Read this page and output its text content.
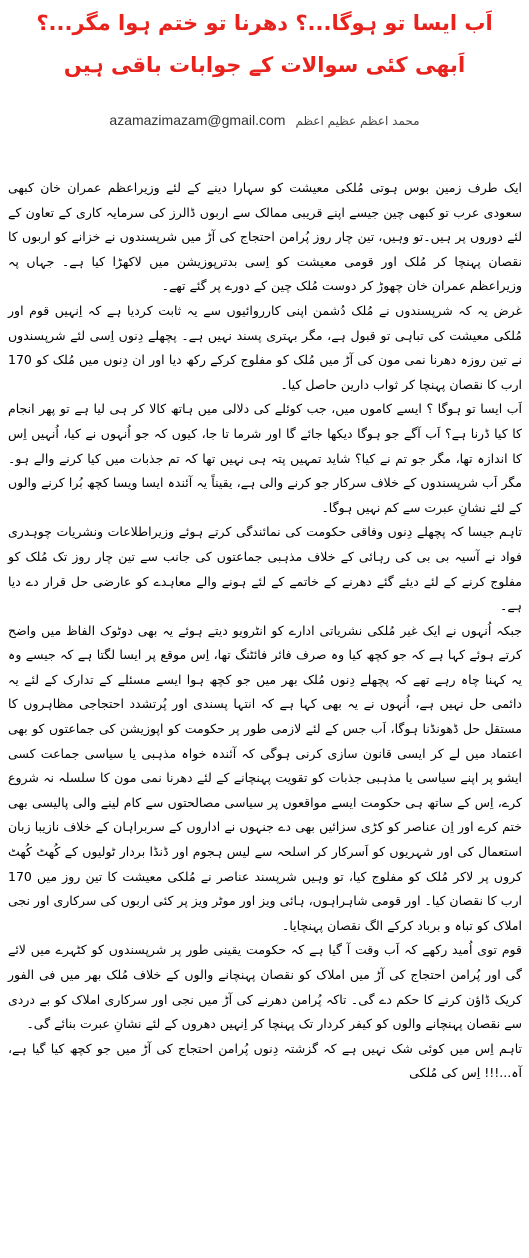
اَب ایسا تو ہوگا...؟ دھرنا تو ختم ہوا مگر...؟ اَبھی کئی سوالات کے جوابات باقی ہیں
محمد اعظم عظیم اعظم azamazimazam@gmail.com

ایک طرف زمین بوس ہوتی مُلکی معیشت کو سہارا دینے کے لئے وزیراعظم عمران خان کبھی سعودی عرب تو کبھی چین جیسے اپنے قریبی ممالک سے اربوں ڈالرز کی سرمایہ کاری کے تعاون کے لئے دوروں پر ہیں۔تو وہیں، تین چار روز پُرامن احتجاج کی آڑ میں شرپسندوں نے خزانے کو اربوں کا نقصان پہنچا کر مُلک اور قومی معیشت کو اِسی بدترپوزیشن میں لاکھڑا کیا ہے۔ جہاں پہ وزیراعظم عمران خان چھوڑ کر دوست مُلک چین کے دورے پر گئے تھے۔

غرض یہ کہ شرپسندوں نے مُلک دُشمن اپنی کارروائیوں سے یہ ثابت کردیا ہے کہ اِنہیں قوم اور مُلکی معیشت کی تباہی تو قبول ہے، مگر بہتری پسند نہیں ہے۔ پچھلے دِنوں اِسی لئے شرپسندوں نے تین روزہ دھرنا نمی مون کی آڑ میں مُلک کو مفلوج کرکے رکھ دیا اور ان دِنوں میں مُلک کو 170 ارب کا نقصان پہنچا کر ثواب دارین حاصل کیا۔

اَب ایسا تو ہوگا ؟ ایسے کاموں میں، جب کوئلے کی دلالی میں ہاتھ کالا کر ہی لیا ہے تو پھر انجام کا کیا ڈرنا ہے؟ اَب آگے جو ہوگا دیکھا جائے گا اور شرما تا جا، کیوں کہ جو اُنہوں نے کیا، اُنہیں اِس کا اندازہ تھا، مگر جو تم نے کیا؟ شاید تمہیں پتہ ہی نہیں تھا کہ تم جذبات میں کیا کرنے والے ہو۔ مگر اَب شرپسندوں کے خلاف سرکار جو کرنے والی ہے، یقیناً یہ آئندہ ایسا ویسا کچھ بُرا کرنے والوں کے لئے نشانِ عبرت سے کم نہیں ہوگا۔

تاہم جیسا کہ پچھلے دِنوں وفاقی حکومت کی نمائندگی کرتے ہوئے وزیراطلاعات ونشریات چوہدری فواد نے آسیہ بی بی کی رہائی کے خلاف مذہبی جماعتوں کی جانب سے تین چار روز تک مُلک کو مفلوج کرنے کے لئے دیئے گئے دھرنے کے خاتمے کے لئے ہونے والے معاہدے کو عارضی حل قرار دے دیا ہے۔

جبکہ اُنہوں نے ایک غیر مُلکی نشریاتی ادارے کو انٹرویو دیتے ہوئے یہ بھی دوٹوک الفاظ میں واضح کرتے ہوئے کہا ہے کہ جو کچھ کیا وہ صرف فائر فائٹنگ تھا، اِس موقع پر ایسا لگتا ہے کہ جیسے وہ یہ کہنا چاہ رہے تھے کہ پچھلے دِنوں مُلک بھر میں جو کچھ ہوا ایسے مسئلے کے تدارک کے لئے یہ دائمی حل نہیں ہے، اُنہوں نے یہ بھی کہا ہے کہ انتہا پسندی اور پُرتشدد احتجاجی مظاہروں کا مستقل حل ڈھونڈنا ہوگا، اَب جس کے لئے لازمی طور پر حکومت کو اپوزیشن کی جماعتوں کو بھی اعتماد میں لے کر ایسی قانون سازی کرنی ہوگی کہ آئندہ خواہ مذہبی یا سیاسی جماعت کسی ایشو پر اپنے سیاسی یا مذہبی جذبات کو تقویت پہنچانے کے لئے دھرنا نمی مون کا سلسلہ نہ شروع کرے، اِس کے ساتھ ہی حکومت ایسے مواقعوں پر سیاسی مصالحتوں سے کام لینے والی پالیسی بھی ختم کرے اور اِن عناصر کو کڑی سزائیں بھی دے جنہوں نے اداروں کے سربراہان کے خلاف نازیبا زبان استعمال کی اور شہریوں کو اَسرکار کر اسلحہ سے لیس ہجوم اور ڈنڈا بردار ٹولیوں کے کُھٹ کُھٹ کروں پر لاکر مُلک کو مفلوج کیا، تو وہیں شرپسند عناصر نے مُلکی معیشت کا تین روز میں 170 ارب کا نقصان کیا۔ اور قومی شاہراہوں، ہائی ویز اور موٹر ویز پر کئی اربوں کی سرکاری اور نجی املاک کو تباہ و برباد کرکے الگ نقصان پہنچایا۔

قوم توی اُمید رکھے کہ اَب وقت آ گیا ہے کہ حکومت یقینی طور پر شرپسندوں کو کٹہرے میں لائے گی اور پُرامن احتجاج کی آڑ میں املاک کو نقصان پہنچانے والوں کے خلاف مُلک بھر میں فی الفور کریک ڈاؤن کرنے کا حکم دے گی۔ تاکہ پُرامن دھرنے کی آڑ میں نجی اور سرکاری املاک کو بے دردی سے نقصان پہنچانے والوں کو کیفر کردار تک پہنچا کر اِنہیں دھروں کے لئے نشانِ عبرت بنائے گی۔

تاہم اِس میں کوئی شک نہیں ہے کہ گزشتہ دِنوں پُرامن احتجاج کی آڑ میں جو کچھ کیا گیا ہے، آہ...!!! اِس کی مُلکی
